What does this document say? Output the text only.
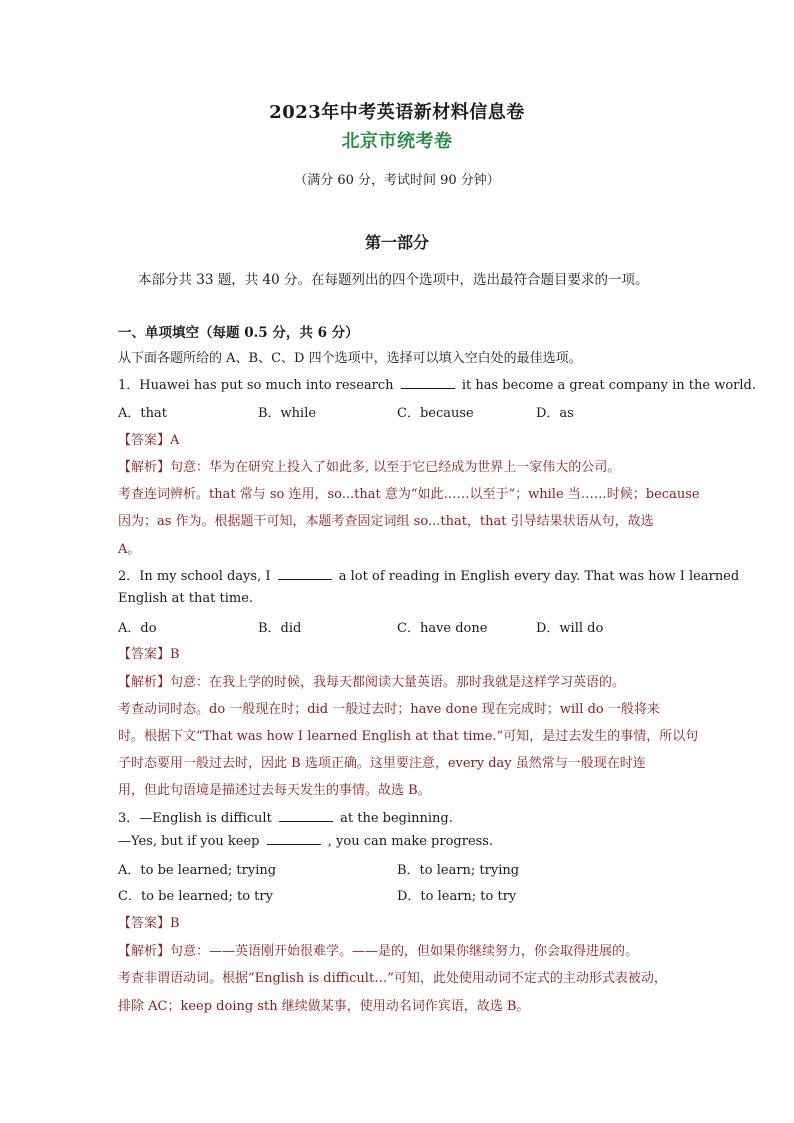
2023年中考英语新材料信息卷
北京市统考卷
（满分 60 分，考试时间 90 分钟）
第一部分
本部分共 33 题，共 40 分。在每题列出的四个选项中，选出最符合题目要求的一项。
一、单项填空（每题 0.5 分，共 6 分）
从下面各题所给的 A、B、C、D 四个选项中，选择可以填入空白处的最佳选项。
1．Huawei has put so much into research	it has become a great company in the world.
A．that	B．while	C．because	D．as
【答案】A
【解析】句意：华为在研究上投入了如此多, 以至于它已经成为世界上一家伟大的公司。
考查连词辨析。that 常与 so 连用，so...that 意为“如此……以至于”；while 当……时候；because
因为；as 作为。根据题干可知，本题考查固定词组 so...that，that 引导结果状语从句，故选
A。
2．In my school days, I	a lot of reading in English every day. That was how I learned
English at that time.
A．do	B．did	C．have done	D．will do
【答案】B
【解析】句意：在我上学的时候，我每天都阅读大量英语。那时我就是这样学习英语的。
考查动词时态。do 一般现在时；did 一般过去时；have done 现在完成时；will do 一般将来
时。根据下文“That was how I learned English at that time.”可知，是过去发生的事情，所以句
子时态要用一般过去时，因此 B 选项正确。这里要注意，every day 虽然常与一般现在时连
用，但此句语境是描述过去每天发生的事情。故选 B。
3．—English is difficult	at the beginning.
—Yes, but if you keep	, you can make progress.
A．to be learned; trying	B．to learn; trying
C．to be learned; to try	D．to learn; to try
【答案】B
【解析】句意：——英语刚开始很难学。——是的，但如果你继续努力，你会取得进展的。
考查非谓语动词。根据“English is difficult…”可知，此处使用动词不定式的主动形式表被动，
排除 AC；keep doing sth 继续做某事，使用动名词作宾语，故选 B。
